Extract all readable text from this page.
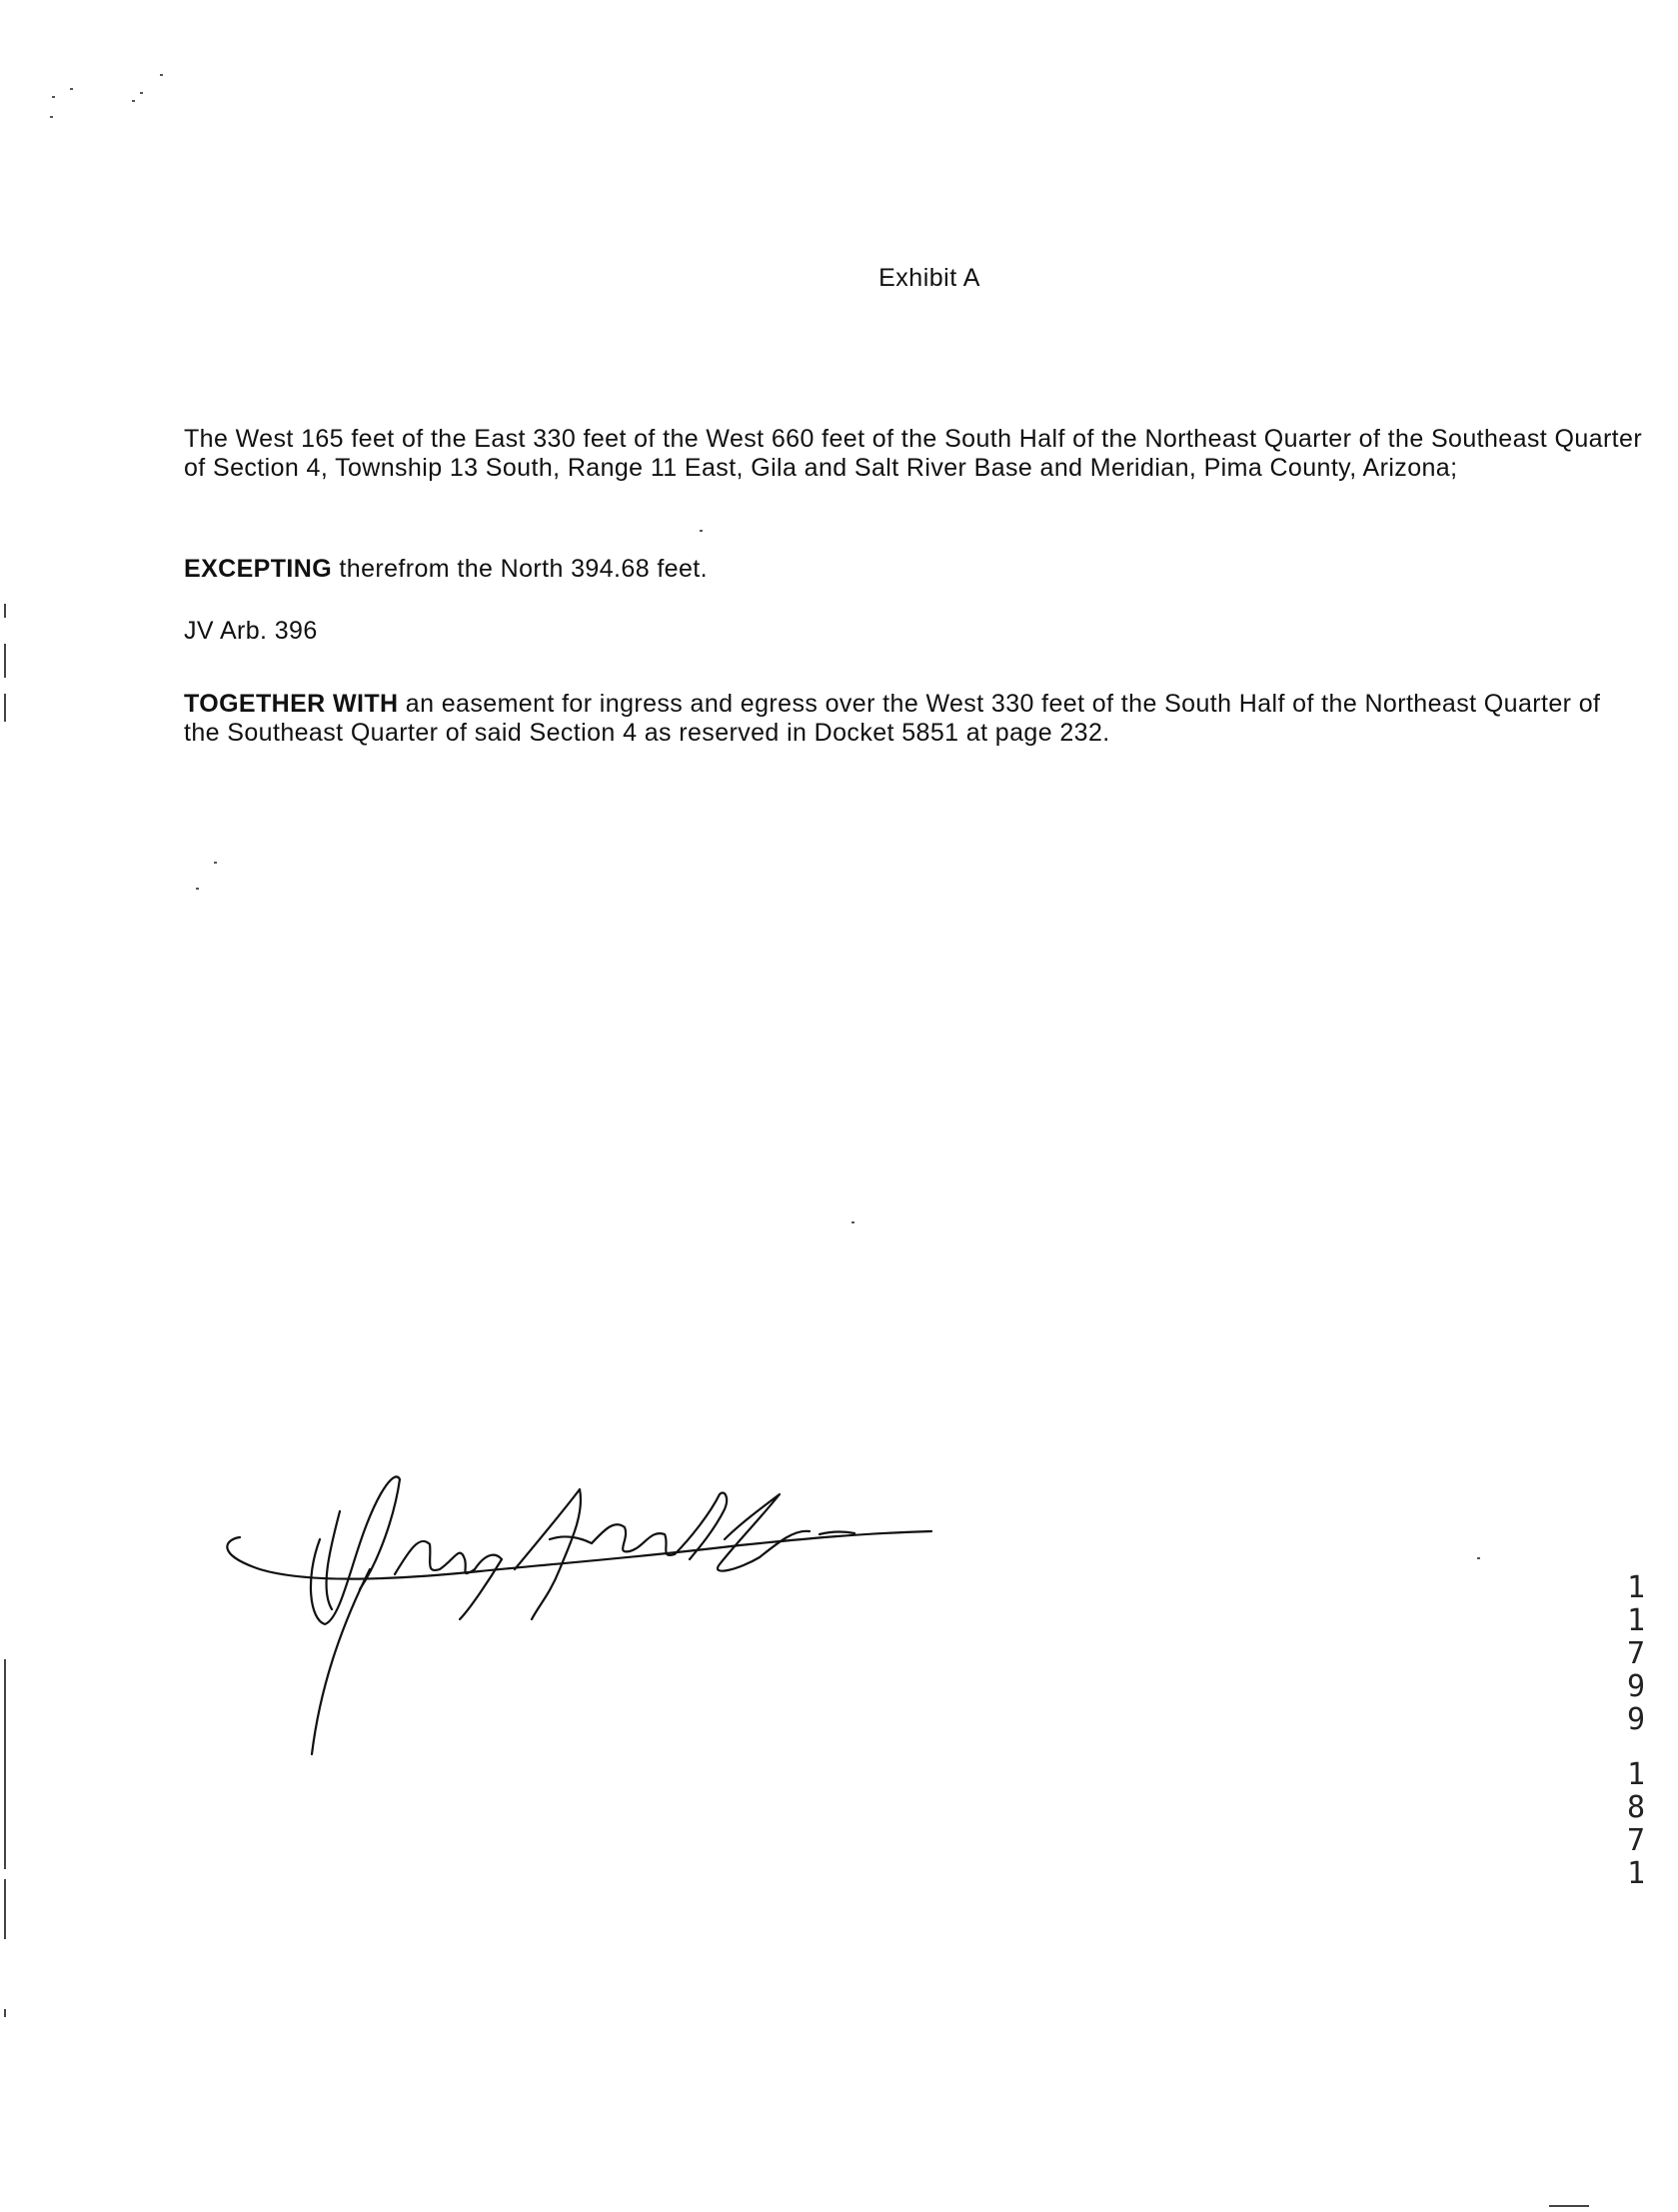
Exhibit A
The West 165 feet of the East 330 feet of the West 660 feet of the South Half of the Northeast Quarter of the Southeast Quarter of Section 4, Township 13 South, Range 11 East, Gila and Salt River Base and Meridian, Pima County, Arizona;
EXCEPTING therefrom the North 394.68 feet.
JV Arb. 396
TOGETHER WITH an easement for ingress and egress over the West 330 feet of the South Half of the Northeast Quarter of the Southeast Quarter of said Section 4 as reserved in Docket 5851 at page 232.
1
1
7
9
9
1
8
7
1
